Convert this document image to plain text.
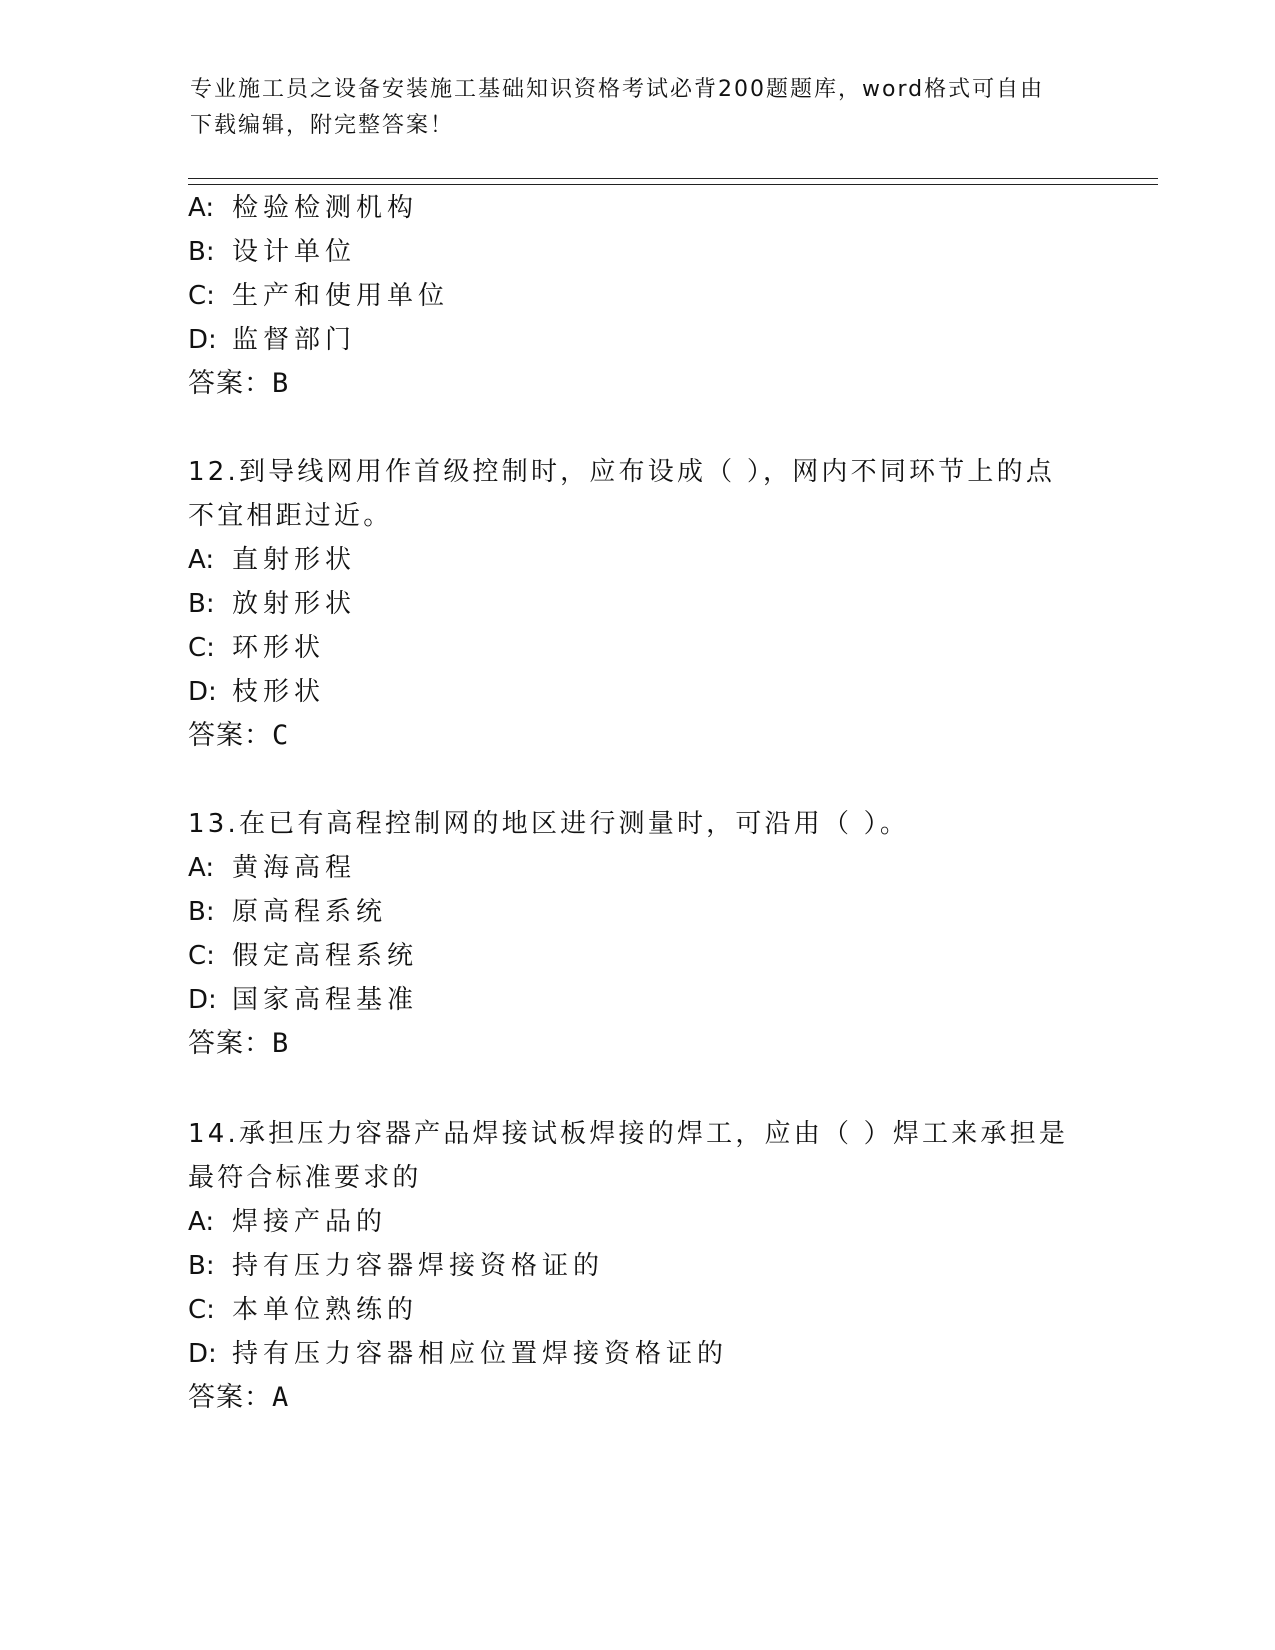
专业施工员之设备安装施工基础知识资格考试必背200题题库，word格式可自由
下载编辑，附完整答案！
A: 检验检测机构
B: 设计单位
C: 生产和使用单位
D: 监督部门
答案：B
12.到导线网用作首级控制时，应布设成（ ），网内不同环节上的点
不宜相距过近。
A: 直射形状
B: 放射形状
C: 环形状
D: 枝形状
答案：C
13.在已有高程控制网的地区进行测量时，可沿用（ ）。
A: 黄海高程
B: 原高程系统
C: 假定高程系统
D: 国家高程基准
答案：B
14.承担压力容器产品焊接试板焊接的焊工，应由（ ）焊工来承担是
最符合标准要求的
A: 焊接产品的
B: 持有压力容器焊接资格证的
C: 本单位熟练的
D: 持有压力容器相应位置焊接资格证的
答案：A
